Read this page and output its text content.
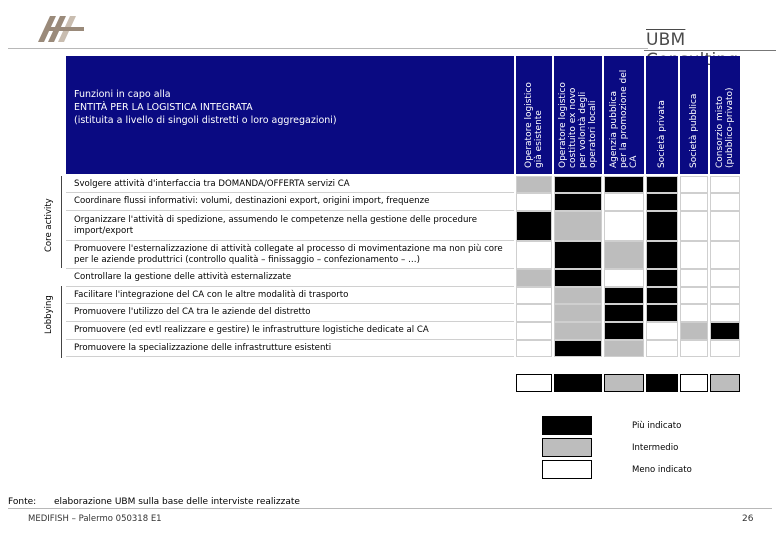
$\overline{UBM}$
Funzioni in capo alla
ENTITÀ PER LA LOGISTICA INTEGRATA
(istituita a livello di singoli distretti o loro aggregazioni)
Operatore logistico
già esistente Operatore logistico
costituito ex novo
per volontà degli
operatori locali
Agenzia pubblica
per la promozione del
CA Società privata Società pubblica Consorzio misto
(pubblico-privato)
Core activity
Lobbying
Svolgere attività d'interfaccia tra DOMANDA/OFFERTA servizi CA
Coordinare flussi informativi: volumi, destinazioni export, origini import, frequenze
Organizzare l'attività di spedizione, assumendo le competenze nella gestione delle procedure import/export
Promuovere l'esternalizzazione di attività collegate al processo di movimentazione ma non più core per le aziende produttrici (controllo qualità – finissaggio – confezionamento – …)
Controllare la gestione delle attività esternalizzate
Facilitare l'integrazione del CA con le altre modalità di trasporto
Promuovere l'utilizzo del CA tra le aziende del distretto
Promuovere (ed evtl realizzare e gestire) le infrastrutture logistiche dedicate al CA
Promuovere la specializzazione delle infrastrutture esistenti
Più indicato
Intermedio
Meno indicato
Fonte: elaborazione UBM sulla base delle interviste realizzate
MEDIFISH – Palermo 050318 E1	26
